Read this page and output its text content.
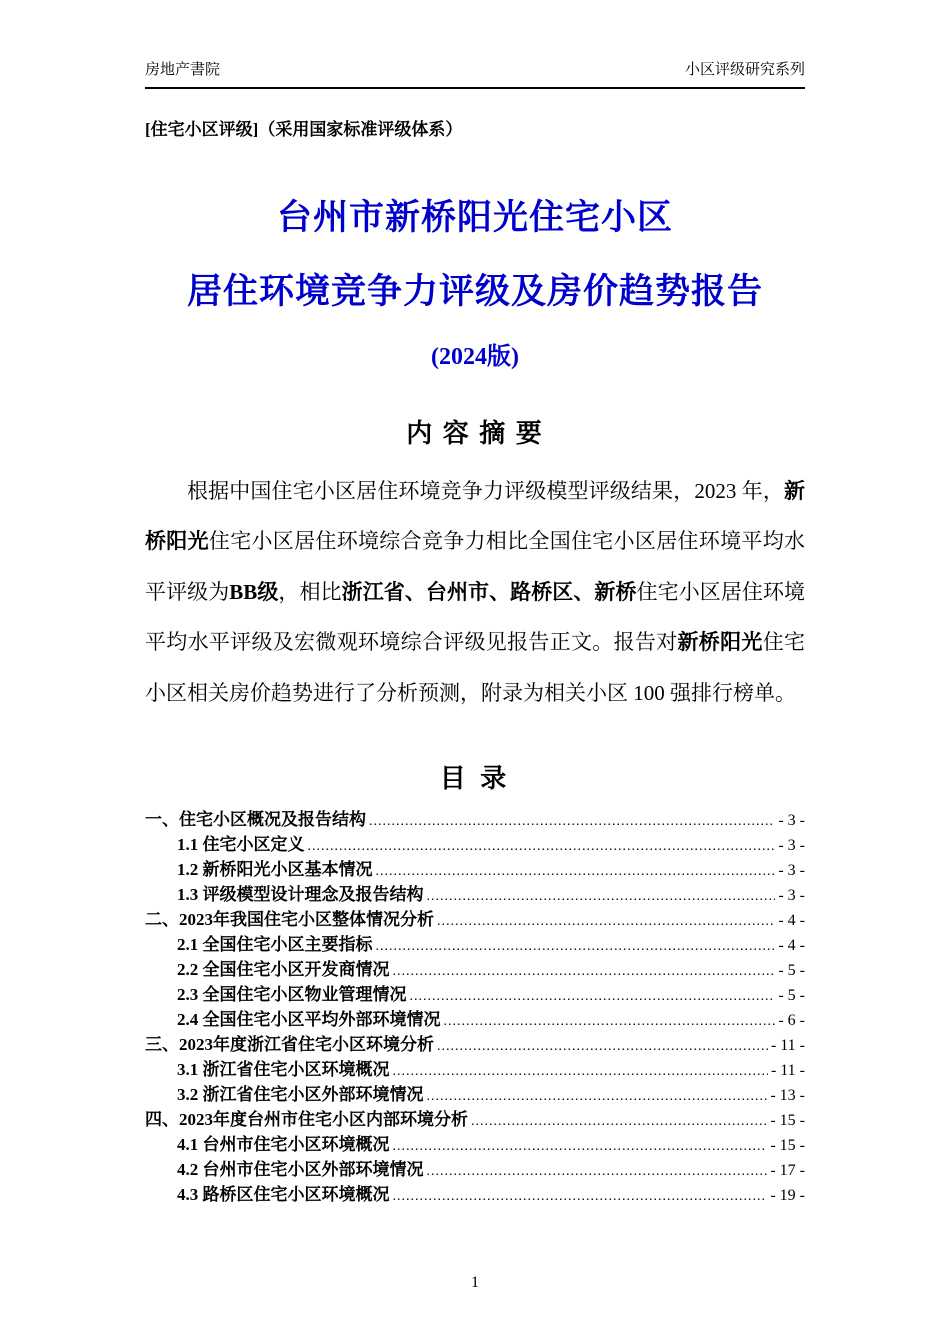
房地产書院	小区评级研究系列
[住宅小区评级]（采用国家标准评级体系）
台州市新桥阳光住宅小区
居住环境竞争力评级及房价趋势报告
(2024版)
内 容 摘 要

根据中国住宅小区居住环境竞争力评级模型评级结果，2023 年，新桥阳光住宅小区居住环境综合竞争力相比全国住宅小区居住环境平均水平评级为BB级，相比浙江省、台州市、路桥区、新桥住宅小区居住环境平均水平评级及宏微观环境综合评级见报告正文。报告对新桥阳光住宅小区相关房价趋势进行了分析预测，附录为相关小区 100 强排行榜单。

目 录
一、住宅小区概况及报告结构 .....	- 3 -
1.1 住宅小区定义 .....	- 3 -
1.2 新桥阳光小区基本情况 .....	- 3 -
1.3 评级模型设计理念及报告结构 .....	- 3 -
二、2023年我国住宅小区整体情况分析 .....	- 4 -
2.1 全国住宅小区主要指标 .....	- 4 -
2.2 全国住宅小区开发商情况 .....	- 5 -
2.3 全国住宅小区物业管理情况 .....	- 5 -
2.4 全国住宅小区平均外部环境情况 .....	- 6 -
三、2023年度浙江省住宅小区环境分析 .....	- 11 -
3.1 浙江省住宅小区环境概况 .....	- 11 -
3.2 浙江省住宅小区外部环境情况 .....	- 13 -
四、2023年度台州市住宅小区内部环境分析 .....	- 15 -
4.1 台州市住宅小区环境概况 .....	- 15 -
4.2 台州市住宅小区外部环境情况 .....	- 17 -
4.3 路桥区住宅小区环境概况 .....	- 19 -
1
